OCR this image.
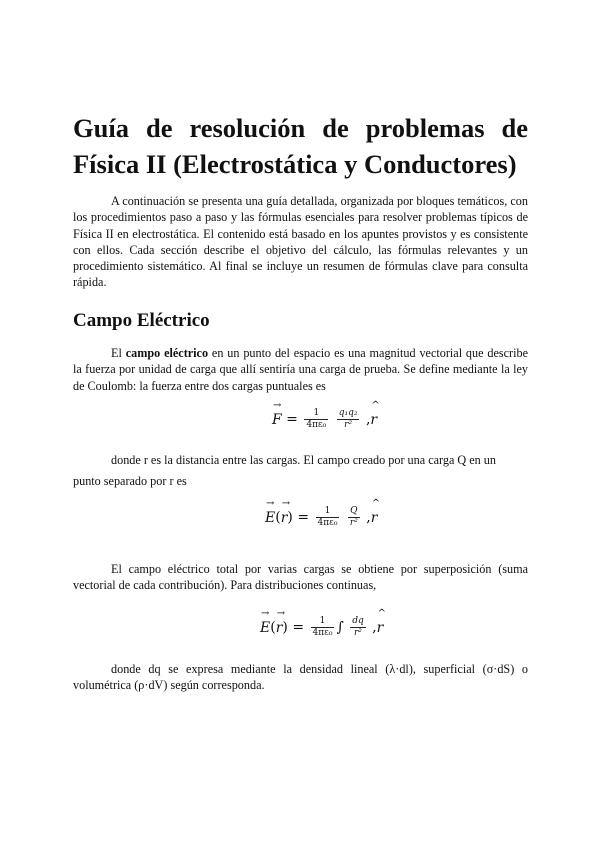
Guía de resolución de problemas de Física II (Electrostática y Conductores)

A continuación se presenta una guía detallada, organizada por bloques temáticos, con los procedimientos paso a paso y las fórmulas esenciales para resolver problemas típicos de Física II en electrostática. El contenido está basado en los apuntes provistos y es consistente con ellos. Cada sección describe el objetivo del cálculo, las fórmulas relevantes y un procedimiento sistemático. Al final se incluye un resumen de fórmulas clave para consulta rápida.

Campo Eléctrico

El campo eléctrico en un punto del espacio es una magnitud vectorial que describe la fuerza por unidad de carga que allí sentiría una carga de prueba. Se define mediante la ley de Coulomb: la fuerza entre dos cargas puntuales es

→ $F = \frac{1}{\text{4πε₀}}$
$\frac{\text{q₁q₂}}{\text{r²}}$ ,^ r

donde r es la distancia entre las cargas. El campo creado por una carga Q en un

punto separado por r es

→ $E(\to r) = \frac{1}{\text{4πε₀}}$
$\frac{Q}{\text{r²}}$ ,^ r

El campo eléctrico total por varias cargas se obtiene por superposición (suma vectorial de cada contribución). Para distribuciones continuas,

→ $E(\to r) = \frac{1}{\text{4πε₀}}$ ∫ $\frac{dq}{\text{r²}}$ ,^ r

donde dq se expresa mediante la densidad lineal (λ·dl), superficial (σ·dS) o volumétrica (ρ·dV) según corresponda.
